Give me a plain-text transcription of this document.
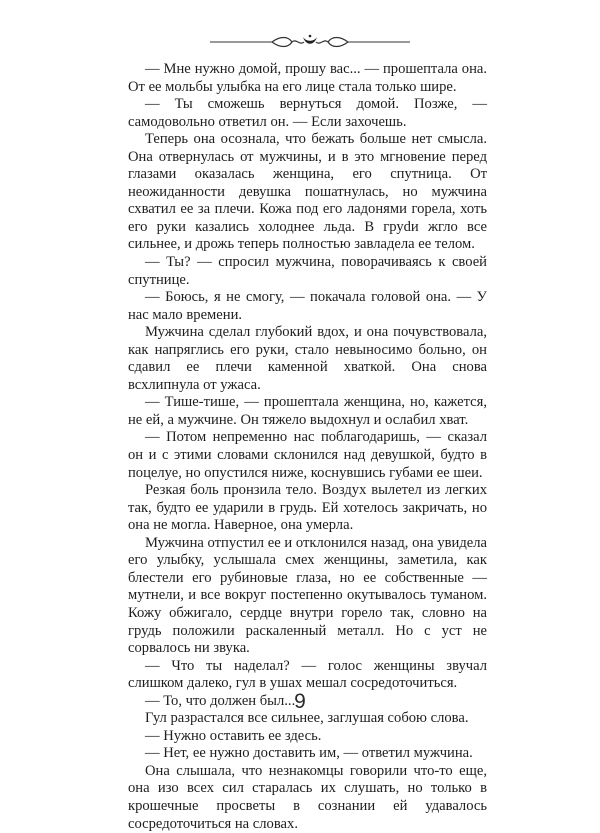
— Мне нужно домой, прошу вас... — прошептала она. От ее мольбы улыбка на его лице стала только шире.

— Ты сможешь вернуться домой. Позже, — самодовольно ответил он. — Если захочешь.

Теперь она осознала, что бежать больше нет смысла. Она отвернулась от мужчины, и в это мгновение перед глазами оказалась женщина, его спутница. От неожиданности девушка пошатнулась, но мужчина схватил ее за плечи. Кожа под его ладонями горела, хоть его руки казались холоднее льда. В груdи жгло все сильнее, и дрожь теперь полностью завладела ее телом.

— Ты? — спросил мужчина, поворачиваясь к своей спутнице.

— Боюсь, я не смогу, — покачала головой она. — У нас мало времени.

Мужчина сделал глубокий вдох, и она почувствовала, как напряглись его руки, стало невыносимо больно, он сдавил ее плечи каменной хваткой. Она снова всхлипнула от ужаса.

— Тише-тише, — прошептала женщина, но, кажется, не ей, а мужчине. Он тяжело выдохнул и ослабил хват.

— Потом непременно нас поблагодаришь, — сказал он и с этими словами склонился над девушкой, будто в поцелуе, но опустился ниже, коснувшись губами ее шеи.

Резкая боль пронзила тело. Воздух вылетел из легких так, будто ее ударили в грудь. Ей хотелось закричать, но она не могла. Наверное, она умерла.

Мужчина отпустил ее и отклонился назад, она увидела его улыбку, услышала смех женщины, заметила, как блестели его рубиновые глаза, но ее собственные — мутнели, и все вокруг постепенно окутывалось туманом. Кожу обжигало, сердце внутри горело так, словно на грудь положили раскаленный металл. Но с уст не сорвалось ни звука.

— Что ты наделал? — голос женщины звучал слишком далеко, гул в ушах мешал сосредоточиться.

— То, что должен был...

Гул разрастался все сильнее, заглушая собою слова.

— Нужно оставить ее здесь.

— Нет, ее нужно доставить им, — ответил мужчина.

Она слышала, что незнакомцы говорили что-то еще, она изо всех сил старалась их слушать, но только в крошечные просветы в сознании ей удавалось сосредоточиться на словах.

9
